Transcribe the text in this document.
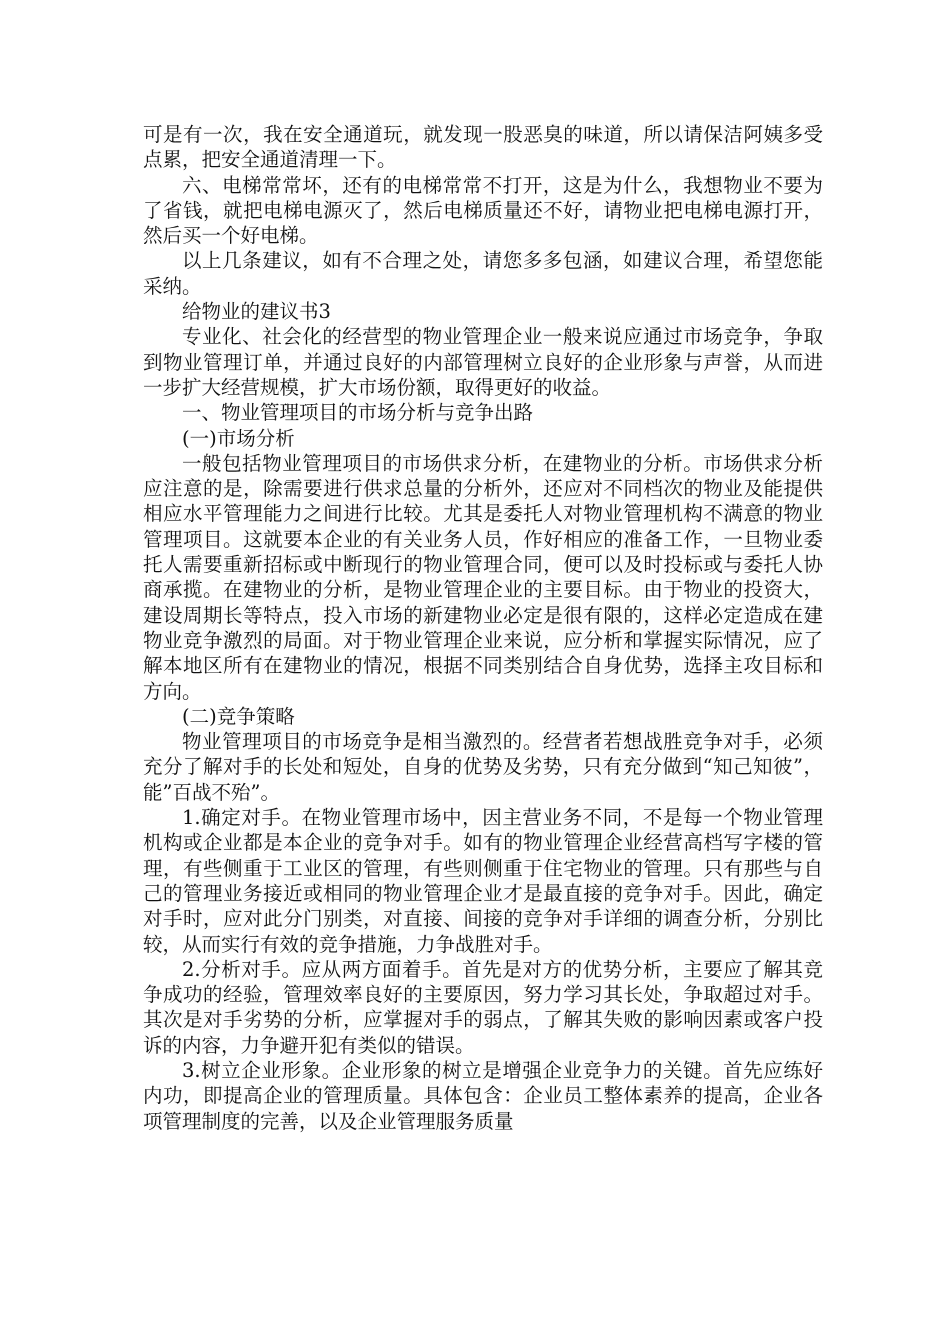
可是有一次，我在安全通道玩，就发现一股恶臭的味道，所以请保洁阿姨多受点累，把安全通道清理一下。

六、电梯常常坏，还有的电梯常常不打开，这是为什么，我想物业不要为了省钱，就把电梯电源灭了，然后电梯质量还不好，请物业把电梯电源打开，然后买一个好电梯。

以上几条建议，如有不合理之处，请您多多包涵，如建议合理，希望您能采纳。

给物业的建议书3

专业化、社会化的经营型的物业管理企业一般来说应通过市场竞争，争取到物业管理订单，并通过良好的内部管理树立良好的企业形象与声誉，从而进一步扩大经营规模，扩大市场份额，取得更好的收益。

一、物业管理项目的市场分析与竞争出路

(一)市场分析

一般包括物业管理项目的市场供求分析，在建物业的分析。市场供求分析应注意的是，除需要进行供求总量的分析外，还应对不同档次的物业及能提供相应水平管理能力之间进行比较。尤其是委托人对物业管理机构不满意的物业管理项目。这就要本企业的有关业务人员，作好相应的准备工作，一旦物业委托人需要重新招标或中断现行的物业管理合同，便可以及时投标或与委托人协商承揽。在建物业的分析，是物业管理企业的主要目标。由于物业的投资大，建设周期长等特点，投入市场的新建物业必定是很有限的，这样必定造成在建物业竞争激烈的局面。对于物业管理企业来说，应分析和掌握实际情况，应了解本地区所有在建物业的情况，根据不同类别结合自身优势，选择主攻目标和方向。

(二)竞争策略

物业管理项目的市场竞争是相当激烈的。经营者若想战胜竞争对手，必须充分了解对手的长处和短处，自身的优势及劣势，只有充分做到“知己知彼”，能”百战不殆”。

1.确定对手。在物业管理市场中，因主营业务不同，不是每一个物业管理机构或企业都是本企业的竞争对手。如有的物业管理企业经营高档写字楼的管理，有些侧重于工业区的管理，有些则侧重于住宅物业的管理。只有那些与自己的管理业务接近或相同的物业管理企业才是最直接的竞争对手。因此，确定对手时，应对此分门别类，对直接、间接的竞争对手详细的调查分析，分别比较，从而实行有效的竞争措施，力争战胜对手。

2.分析对手。应从两方面着手。首先是对方的优势分析，主要应了解其竞争成功的经验，管理效率良好的主要原因，努力学习其长处，争取超过对手。其次是对手劣势的分析，应掌握对手的弱点，了解其失败的影响因素或客户投诉的内容，力争避开犯有类似的错误。

3.树立企业形象。企业形象的树立是增强企业竞争力的关键。首先应练好内功，即提高企业的管理质量。具体包含：企业员工整体素养的提高，企业各项管理制度的完善，以及企业管理服务质量
